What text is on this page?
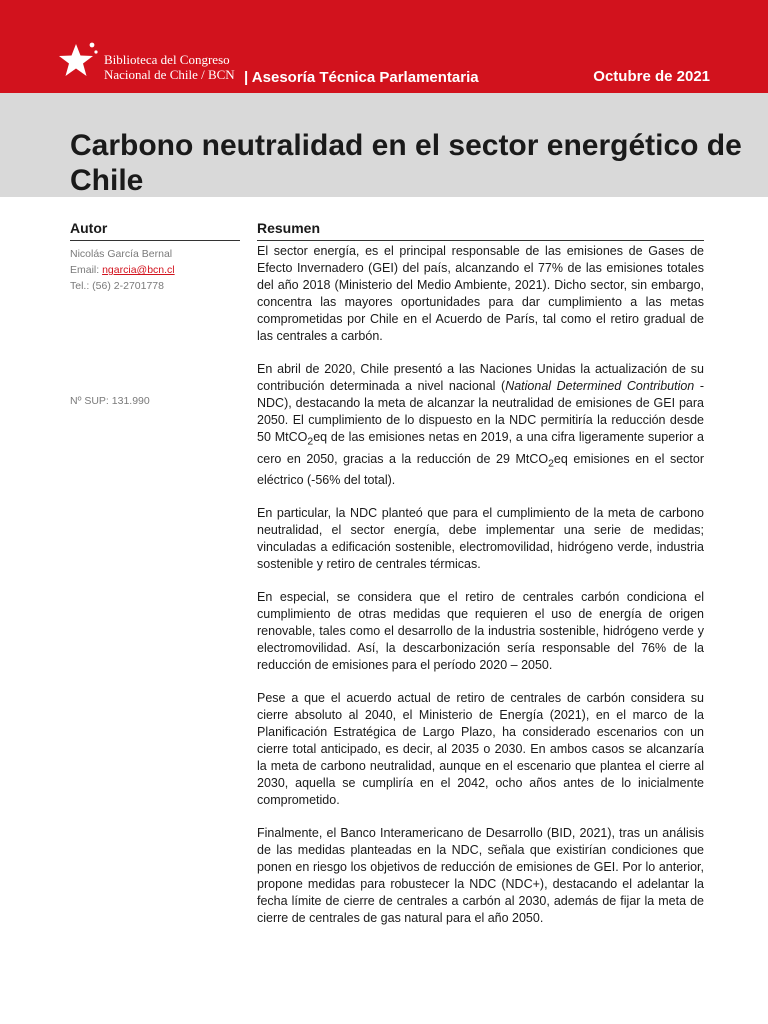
Biblioteca del Congreso
Nacional de Chile / BCN | Asesoría Técnica Parlamentaria	Octubre de 2021
Carbono neutralidad en el sector energético de Chile
Autor
Nicolás García Bernal
Email: ngarcia@bcn.cl
Tel.: (56) 2-2701778
Nº SUP: 131.990
Resumen

El sector energía, es el principal responsable de las emisiones de Gases de Efecto Invernadero (GEI) del país, alcanzando el 77% de las emisiones totales del año 2018 (Ministerio del Medio Ambiente, 2021). Dicho sector, sin embargo, concentra las mayores oportunidades para dar cumplimiento a las metas comprometidas por Chile en el Acuerdo de París, tal como el retiro gradual de las centrales a carbón.

En abril de 2020, Chile presentó a las Naciones Unidas la actualización de su contribución determinada a nivel nacional (National Determined Contribution - NDC), destacando la meta de alcanzar la neutralidad de emisiones de GEI para 2050. El cumplimiento de lo dispuesto en la NDC permitiría la reducción desde 50 MtCO$_2$eq de las emisiones netas en 2019, a una cifra ligeramente superior a cero en 2050, gracias a la reducción de 29 MtCO$_2$eq emisiones en el sector eléctrico (-56% del total).

En particular, la NDC planteó que para el cumplimiento de la meta de carbono neutralidad, el sector energía, debe implementar una serie de medidas; vinculadas a edificación sostenible, electromovilidad, hidrógeno verde, industria sostenible y retiro de centrales térmicas.

En especial, se considera que el retiro de centrales carbón condiciona el cumplimiento de otras medidas que requieren el uso de energía de origen renovable, tales como el desarrollo de la industria sostenible, hidrógeno verde y electromovilidad. Así, la descarbonización sería responsable del 76% de la reducción de emisiones para el período 2020 – 2050.

Pese a que el acuerdo actual de retiro de centrales de carbón considera su cierre absoluto al 2040, el Ministerio de Energía (2021), en el marco de la Planificación Estratégica de Largo Plazo, ha considerado escenarios con un cierre total anticipado, es decir, al 2035 o 2030. En ambos casos se alcanzaría la meta de carbono neutralidad, aunque en el escenario que plantea el cierre al 2030, aquella se cumpliría en el 2042, ocho años antes de lo inicialmente comprometido.

Finalmente, el Banco Interamericano de Desarrollo (BID, 2021), tras un análisis de las medidas planteadas en la NDC, señala que existirían condiciones que ponen en riesgo los objetivos de reducción de emisiones de GEI. Por lo anterior, propone medidas para robustecer la NDC (NDC+), destacando el adelantar la fecha límite de cierre de centrales a carbón al 2030, además de fijar la meta de cierre de centrales de gas natural para el año 2050.
